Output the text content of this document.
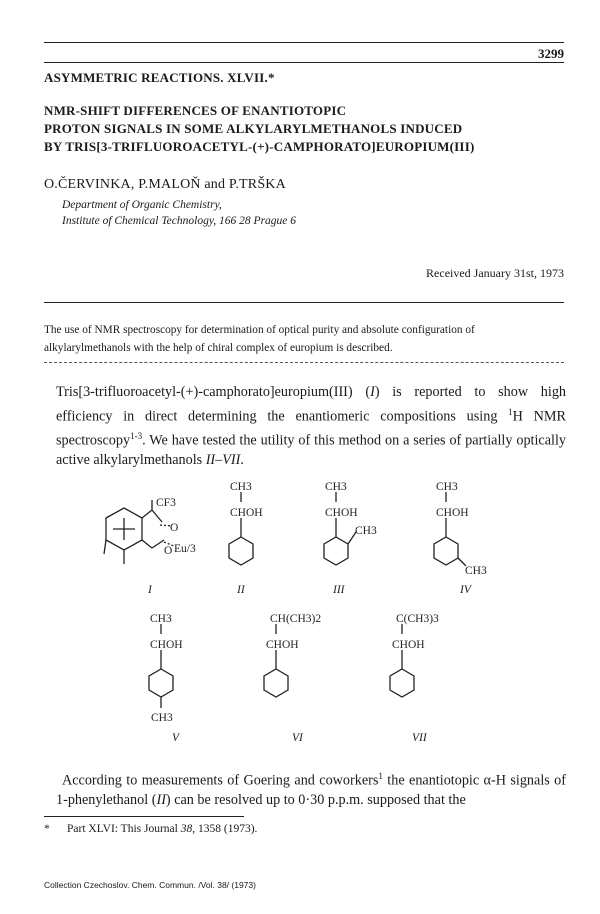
3299
ASYMMETRIC REACTIONS. XLVII.*
NMR-SHIFT DIFFERENCES OF ENANTIOTOPIC
PROTON SIGNALS IN SOME ALKYLARYLMETHANOLS INDUCED
BY TRIS[3-TRIFLUOROACETYL-(+)-CAMPHORATO]EUROPIUM(III)
O.ČERVINKA, P.MALOŇ and P.TRŠKA
Department of Organic Chemistry,
Institute of Chemical Technology, 166 28 Prague 6
Received January 31st, 1973
The use of NMR spectroscopy for determination of optical purity and absolute configuration of alkylarylmethanols with the help of chiral complex of europium is described.
Tris[3-trifluoroacetyl-(+)-camphorato]europium(III) (I) is reported to show high efficiency in direct determining the enantiomeric compositions using $^1$H NMR spectroscopy$^{1-3}$. We have tested the utility of this method on a series of partially optically active alkylarylmethanols II–VII.
CF3
O
O Eu/3
CH3
CHOH
CH3
CHOH
CH3
CH3
CHOH
CH3
CH3
CHOH
CH3
CH(CH3)2
CHOH
C(CH3)3
CHOH
I	II	III	IV
V	VI	VII
According to measurements of Goering and coworkers$^1$ the enantiotopic α-H signals of 1-phenylethanol (II) can be resolved up to 0·30 p.p.m. supposed that the
* Part XLVI: This Journal 38, 1358 (1973).
Collection Czechoslov. Chem. Commun. /Vol. 38/ (1973)
